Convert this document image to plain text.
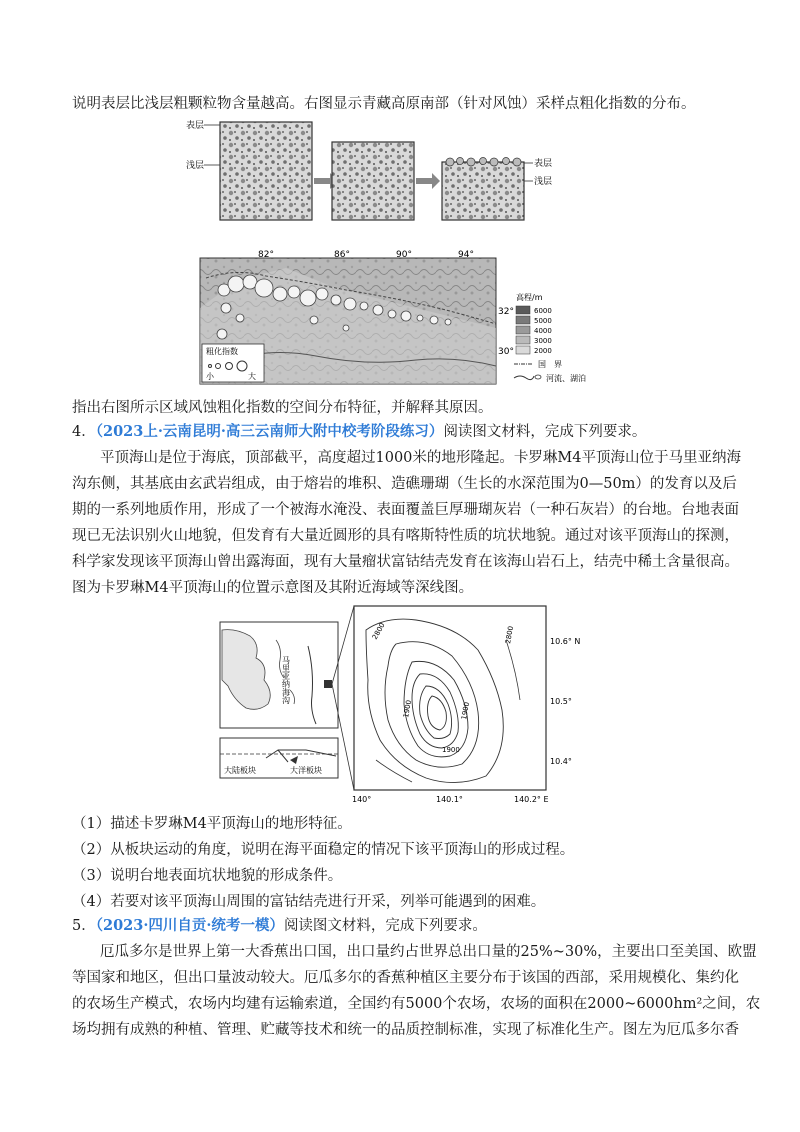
说明表层比浅层粗颗粒物含量越高。右图显示青藏高原南部（针对风蚀）采样点粗化指数的分布。
表层
浅层	表层
浅层
82°	86°	90°	94°
32°
30°
粗化指数
小	大
高程/m
6000
5000
4000
3000
2000
国　界
河流、湖泊
指出右图所示区域风蚀粗化指数的空间分布特征，并解释其原因。
4．（2023上·云南昆明·高三云南师大附中校考阶段练习）阅读图文材料，完成下列要求。
平顶海山是位于海底，顶部截平，高度超过1000米的地形隆起。卡罗琳M4平顶海山位于马里亚纳海
沟东侧，其基底由玄武岩组成，由于熔岩的堆积、造礁珊瑚（生长的水深范围为0—50m）的发育以及后
期的一系列地质作用，形成了一个被海水淹没、表面覆盖巨厚珊瑚灰岩（一种石灰岩）的台地。台地表面
现已无法识别火山地貌，但发育有大量近圆形的具有喀斯特性质的坑状地貌。通过对该平顶海山的探测，
科学家发现该平顶海山曾出露海面，现有大量瘤状富钴结壳发育在该海山岩石上，结壳中稀土含量很高。
图为卡罗琳M4平顶海山的位置示意图及其附近海域等深线图。
马里亚纳海沟
大陆板块	大洋板块
2800	2800
1900	1900
1900
10.6° N
10.5°
10.4°
140°	140.1°	140.2° E
（1）描述卡罗琳M4平顶海山的地形特征。
（2）从板块运动的角度，说明在海平面稳定的情况下该平顶海山的形成过程。
（3）说明台地表面坑状地貌的形成条件。
（4）若要对该平顶海山周围的富钴结壳进行开采，列举可能遇到的困难。
5．（2023·四川自贡·统考一模）阅读图文材料，完成下列要求。
厄瓜多尔是世界上第一大香蕉出口国，出口量约占世界总出口量的25%~30%，主要出口至美国、欧盟
等国家和地区，但出口量波动较大。厄瓜多尔的香蕉种植区主要分布于该国的西部，采用规模化、集约化
的农场生产模式，农场内均建有运输索道，全国约有5000个农场，农场的面积在2000~6000hm²之间，农
场均拥有成熟的种植、管理、贮藏等技术和统一的品质控制标准，实现了标准化生产。图左为厄瓜多尔香
